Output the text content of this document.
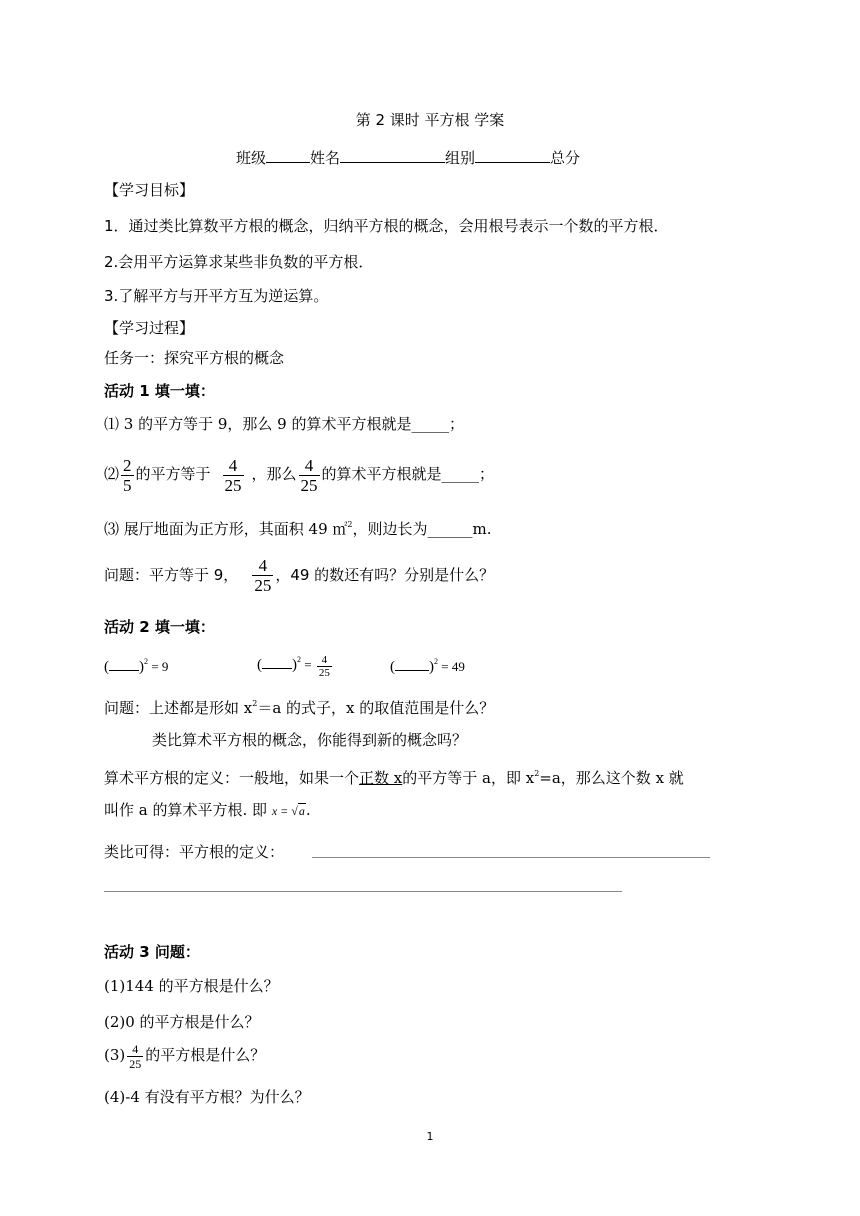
第 2 课时 平方根 学案
班级	姓名	组别	总分
【学习目标】
1．通过类比算数平方根的概念，归纳平方根的概念，会用根号表示一个数的平方根．
2.会用平方运算求某些非负数的平方根．
3.了解平方与开平方互为逆运算。
【学习过程】
任务一：探究平方根的概念
活动 1 填一填：
⑴ 3 的平方等于 9，那么 9 的算术平方根就是_____；
⑵ $\frac{2}{5}$ 的平方等于 $\frac{4}{25}$ ，那么 $\frac{4}{25}$ 的算术平方根就是_____；
⑶ 展厅地面为正方形，其面积 49 ㎡$^2$，则边长为______m.
问题：平方等于 9， $\frac{4}{25}$ ，49 的数还有吗？分别是什么？
活动 2 填一填：
( )$^2$ = 9	( )$^2 = \frac{4}{25}$	( )$^2$ = 49
问题：上述都是形如 $x^2=a$ 的式子，x 的取值范围是什么？
类比算术平方根的概念，你能得到新的概念吗？
算术平方根的定义：一般地，如果一个正数 x的平方等于 a，即 $x^2=a$，那么这个数 x 就
叫作 a 的算术平方根. 即 x = √a.
类比可得：平方根的定义：
活动 3 问题：
(1)144 的平方根是什么？
(2)0 的平方根是什么？
$(3) \frac{4}{25}$ 的平方根是什么？
(4)-4 有没有平方根？为什么？
1
